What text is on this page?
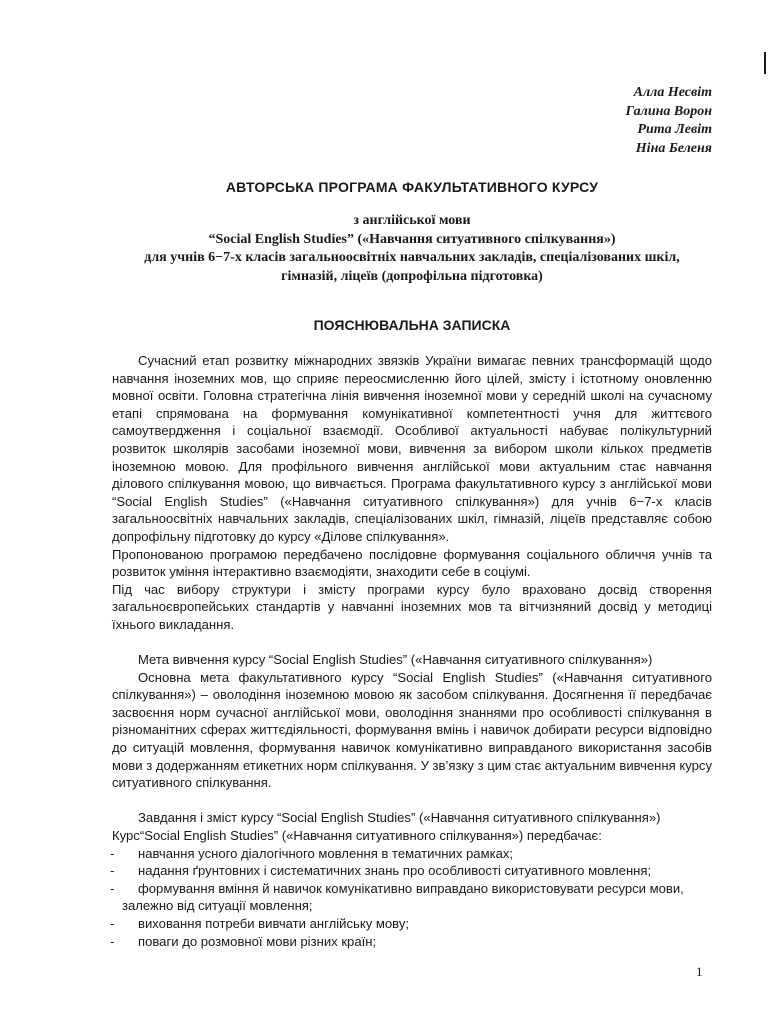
Алла Несвіт
Галина Ворон
Рита Левіт
Ніна Беленя
АВТОРСЬКА ПРОГРАМА ФАКУЛЬТАТИВНОГО КУРСУ
з англійської мови
“Social English Studies” («Навчання ситуативного спілкування»)
для учнів 6−7-х класів загальноосвітніх навчальних закладів, спеціалізованих шкіл,
гімназій, ліцеїв (допрофільна підготовка)
ПОЯСНЮВАЛЬНА ЗАПИСКА

Сучасний етап розвитку міжнародних звязків України вимагає певних трансформацій щодо навчання іноземних мов, що сприяє переосмисленню його цілей, змісту і істотному оновленню мовної освіти. Головна стратегічна лінія вивчення іноземної мови у середній школі на сучасному етапі спрямована на формування комунікативної компетентності учня для життєвого самоутвердження і соціальної взаємодії. Особливої актуальності набуває полікультурний розвиток школярів засобами іноземної мови, вивчення за вибором школи кількох предметів іноземною мовою. Для профільного вивчення англійської мови актуальним стає навчання ділового спілкування мовою, що вивчається. Програма факультативного курсу з англійської мови “Social English Studies” («Навчання ситуативного спілкування») для учнів 6−7-х класів загальноосвітніх навчальних закладів, спеціалізованих шкіл, гімназій, ліцеїв представляє собою допрофільну підготовку до курсу «Ділове спілкування».

Пропонованою програмою передбачено послідовне формування соціального обличчя учнів та розвиток уміння інтерактивно взаємодіяти, знаходити себе в соціумі.

Під час вибору структури і змісту програми курсу було враховано досвід створення загальноєвропейських стандартів у навчанні іноземних мов та вітчизняний досвід у методиці їхнього викладання.

Мета вивчення курсу “Social English Studies” («Навчання ситуативного спілкування»)

Основна мета факультативного курсу “Social English Studies” («Навчання ситуативного спілкування») – оволодіння іноземною мовою як засобом спілкування. Досягнення її передбачає засвоєння норм сучасної англійської мови, оволодіння знаннями про особливості спілкування в різноманітних сферах життєдіяльності, формування вмінь і навичок добирати ресурси відповідно до ситуацій мовлення, формування навичок комунікативно виправданого використання засобів мови з додержанням етикетних норм спілкування. У зв’язку з цим стає актуальним вивчення курсу ситуативного спілкування.

Завдання і зміст курсу “Social English Studies” («Навчання ситуативного спілкування»)

Курс“Social English Studies” («Навчання ситуативного спілкування») передбачає:

- навчання усного діалогічного мовлення в тематичних рамках;
- надання ґрунтовних і систематичних знань про особливості ситуативного мовлення;
- формування вміння й навичок комунікативно виправдано використовувати ресурси мови,
залежно від ситуації мовлення;
- виховання потреби вивчати англійську мову;
- поваги до розмовної мови різних країн;
1
